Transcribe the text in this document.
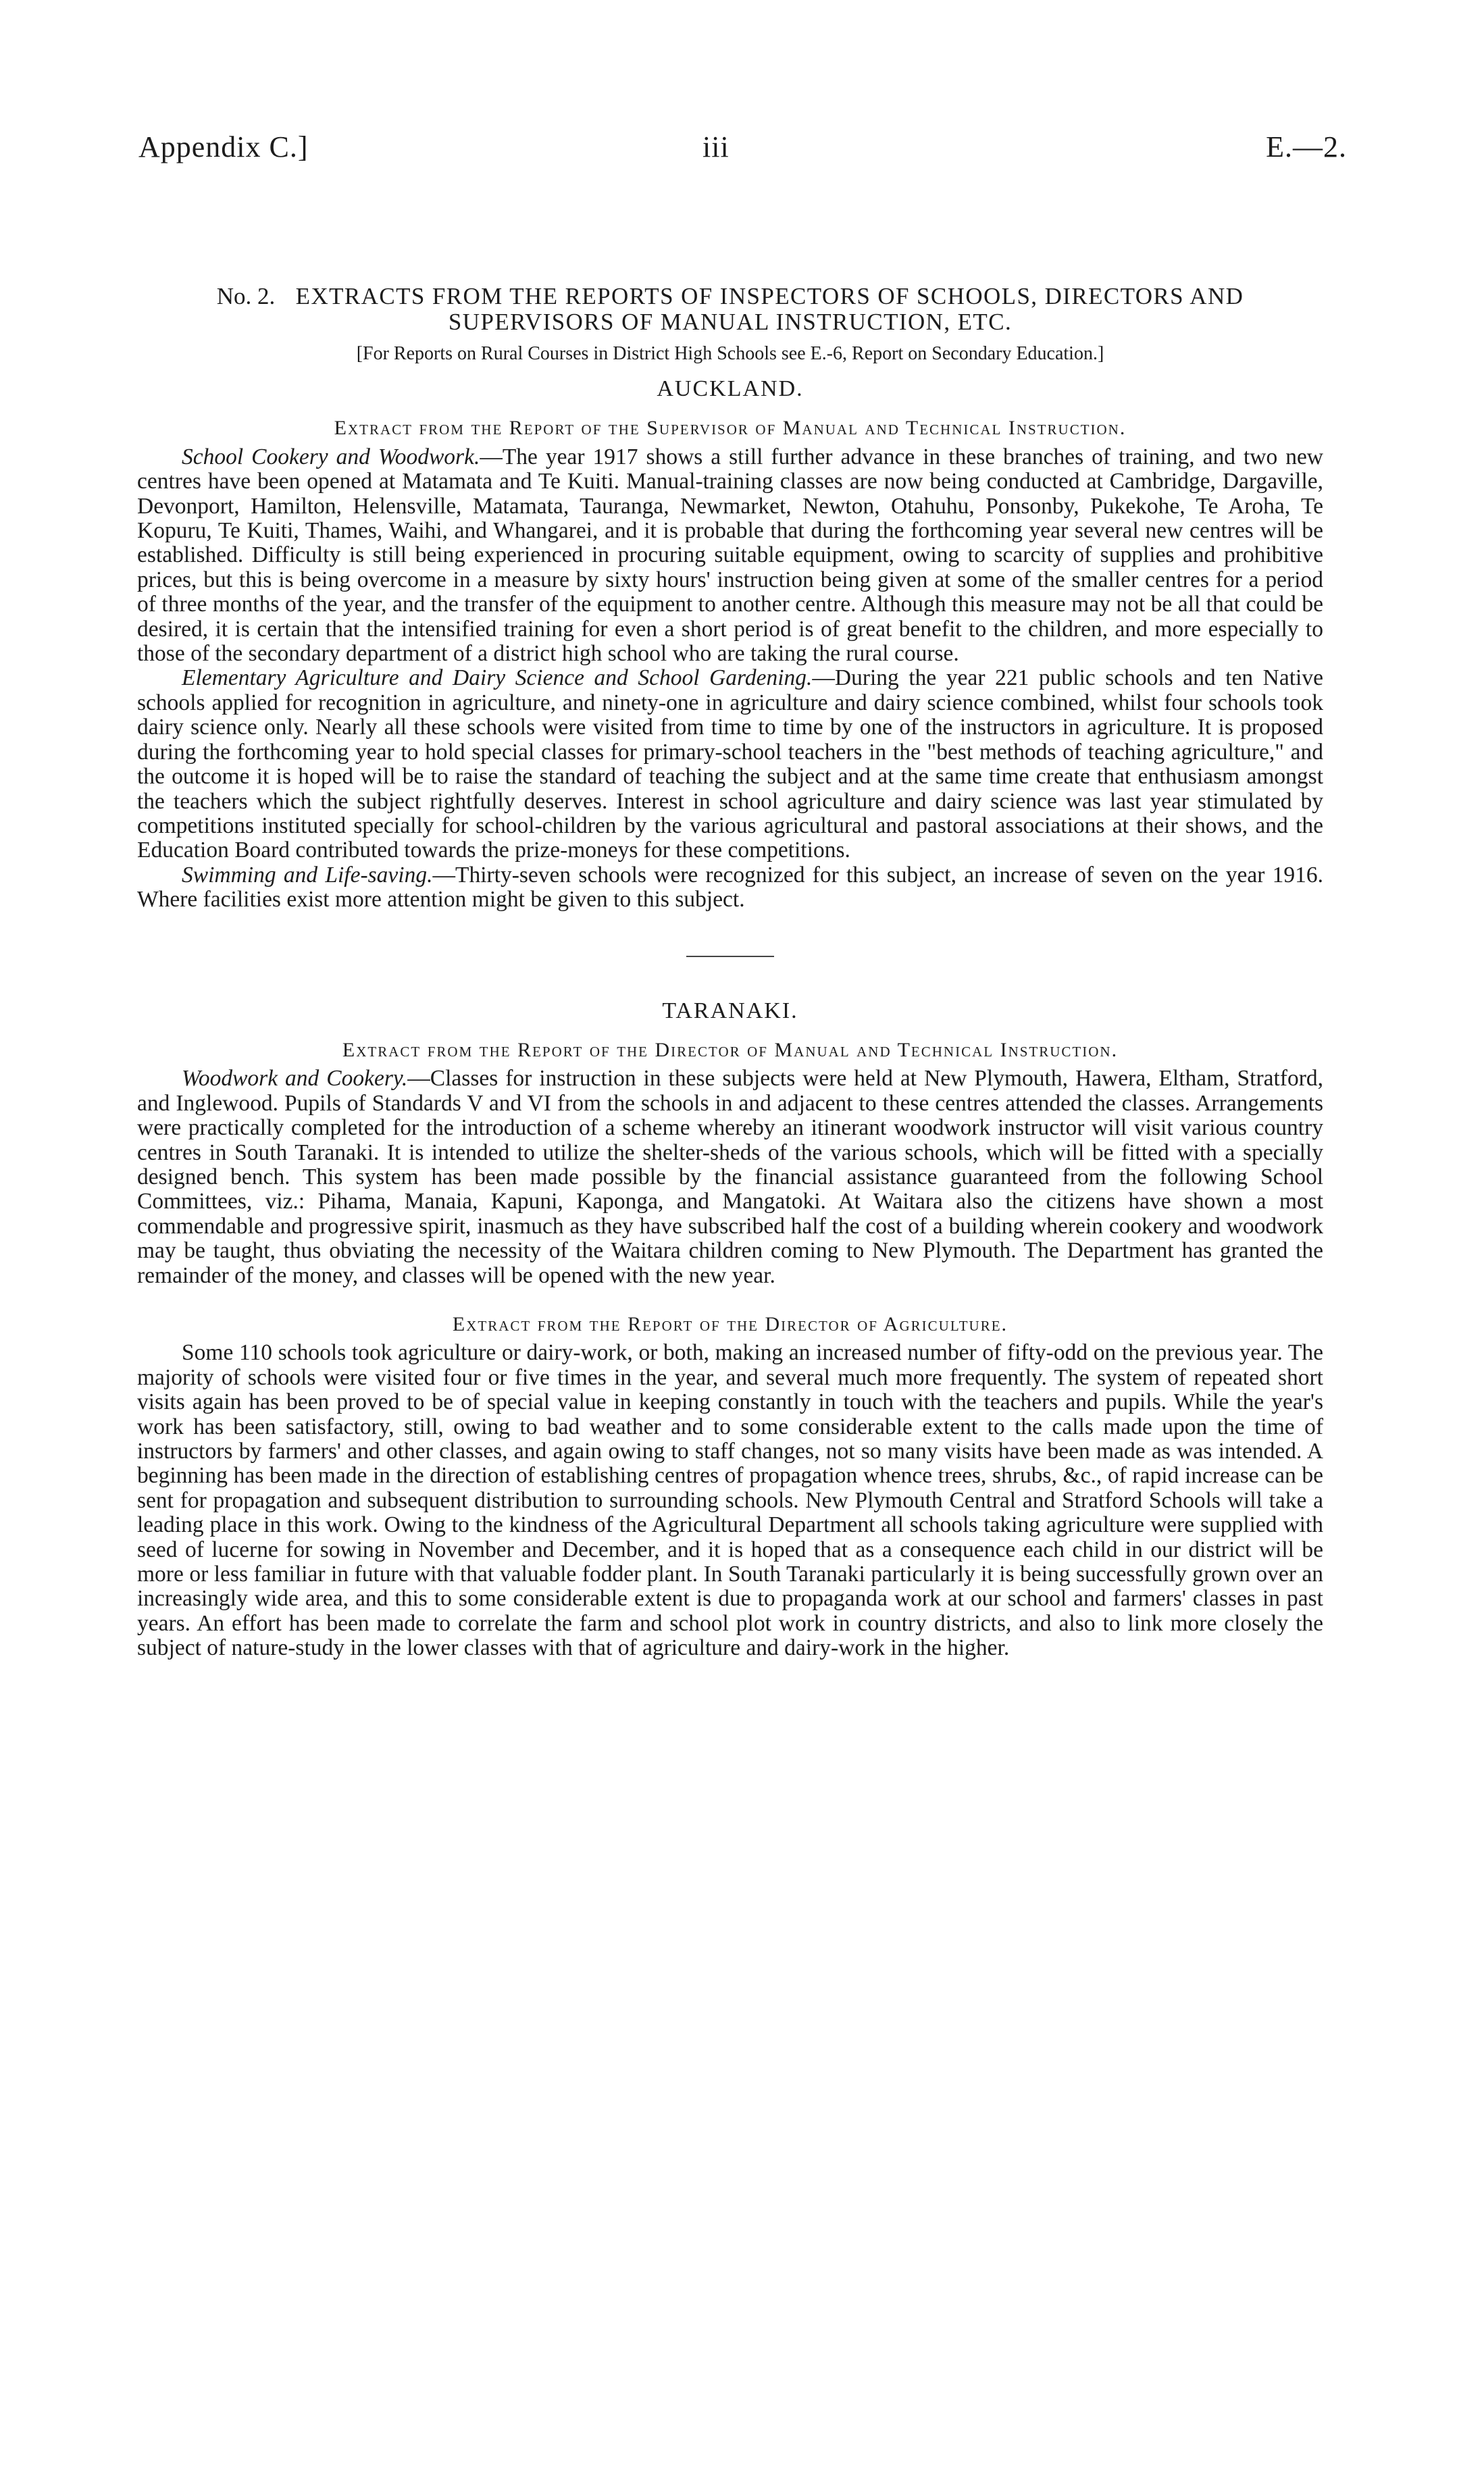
Appendix C.]	iii	E.—2.
No. 2. EXTRACTS FROM THE REPORTS OF INSPECTORS OF SCHOOLS, DIRECTORS AND SUPERVISORS OF MANUAL INSTRUCTION, ETC.
[For Reports on Rural Courses in District High Schools see E.-6, Report on Secondary Education.]
AUCKLAND.
Extract from the Report of the Supervisor of Manual and Technical Instruction.

School Cookery and Woodwork.—The year 1917 shows a still further advance in these branches of training, and two new centres have been opened at Matamata and Te Kuiti. Manual-training classes are now being conducted at Cambridge, Dargaville, Devonport, Hamilton, Helensville, Matamata, Tauranga, Newmarket, Newton, Otahuhu, Ponsonby, Pukekohe, Te Aroha, Te Kopuru, Te Kuiti, Thames, Waihi, and Whangarei, and it is probable that during the forthcoming year several new centres will be established. Difficulty is still being experienced in procuring suitable equipment, owing to scarcity of supplies and prohibitive prices, but this is being overcome in a measure by sixty hours' instruction being given at some of the smaller centres for a period of three months of the year, and the transfer of the equipment to another centre. Although this measure may not be all that could be desired, it is certain that the intensified training for even a short period is of great benefit to the children, and more especially to those of the secondary department of a district high school who are taking the rural course.

Elementary Agriculture and Dairy Science and School Gardening.—During the year 221 public schools and ten Native schools applied for recognition in agriculture, and ninety-one in agriculture and dairy science combined, whilst four schools took dairy science only. Nearly all these schools were visited from time to time by one of the instructors in agriculture. It is proposed during the forthcoming year to hold special classes for primary-school teachers in the "best methods of teaching agriculture," and the outcome it is hoped will be to raise the standard of teaching the subject and at the same time create that enthusiasm amongst the teachers which the subject rightfully deserves. Interest in school agriculture and dairy science was last year stimulated by competitions instituted specially for school-children by the various agricultural and pastoral associations at their shows, and the Education Board contributed towards the prize-moneys for these competitions.

Swimming and Life-saving.—Thirty-seven schools were recognized for this subject, an increase of seven on the year 1916. Where facilities exist more attention might be given to this subject.

TARANAKI.
Extract from the Report of the Director of Manual and Technical Instruction.

Woodwork and Cookery.—Classes for instruction in these subjects were held at New Plymouth, Hawera, Eltham, Stratford, and Inglewood. Pupils of Standards V and VI from the schools in and adjacent to these centres attended the classes. Arrangements were practically completed for the introduction of a scheme whereby an itinerant woodwork instructor will visit various country centres in South Taranaki. It is intended to utilize the shelter-sheds of the various schools, which will be fitted with a specially designed bench. This system has been made possible by the financial assistance guaranteed from the following School Committees, viz.: Pihama, Manaia, Kapuni, Kaponga, and Mangatoki. At Waitara also the citizens have shown a most commendable and progressive spirit, inasmuch as they have subscribed half the cost of a building wherein cookery and woodwork may be taught, thus obviating the necessity of the Waitara children coming to New Plymouth. The Department has granted the remainder of the money, and classes will be opened with the new year.

Extract from the Report of the Director of Agriculture.

Some 110 schools took agriculture or dairy-work, or both, making an increased number of fifty-odd on the previous year. The majority of schools were visited four or five times in the year, and several much more frequently. The system of repeated short visits again has been proved to be of special value in keeping constantly in touch with the teachers and pupils. While the year's work has been satisfactory, still, owing to bad weather and to some considerable extent to the calls made upon the time of instructors by farmers' and other classes, and again owing to staff changes, not so many visits have been made as was intended. A beginning has been made in the direction of establishing centres of propagation whence trees, shrubs, &c., of rapid increase can be sent for propagation and subsequent distribution to surrounding schools. New Plymouth Central and Stratford Schools will take a leading place in this work. Owing to the kindness of the Agricultural Department all schools taking agriculture were supplied with seed of lucerne for sowing in November and December, and it is hoped that as a consequence each child in our district will be more or less familiar in future with that valuable fodder plant. In South Taranaki particularly it is being successfully grown over an increasingly wide area, and this to some considerable extent is due to propaganda work at our school and farmers' classes in past years. An effort has been made to correlate the farm and school plot work in country districts, and also to link more closely the subject of nature-study in the lower classes with that of agriculture and dairy-work in the higher.
